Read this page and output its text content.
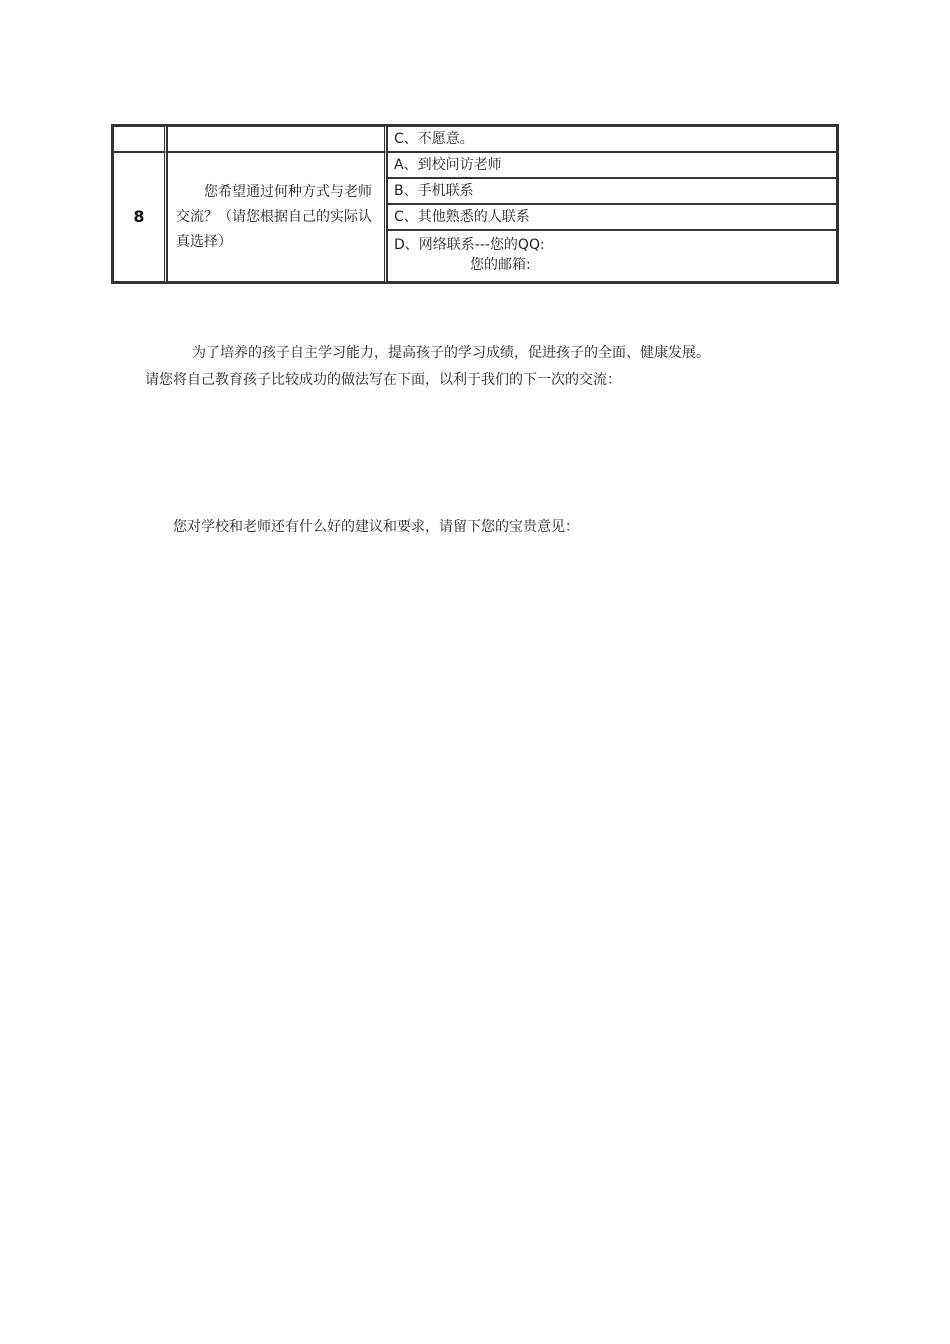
		C、不愿意。
8	您希望通过何种方式与老师交流？（请您根据自己的实际认真选择）	A、到校问访老师
		B、手机联系
		C、其他熟悉的人联系
		D、网络联系---您的QQ:
您的邮箱:
为了培养的孩子自主学习能力，提高孩子的学习成绩，促进孩子的全面、健康发展。
请您将自己教育孩子比较成功的做法写在下面，以利于我们的下一次的交流：
您对学校和老师还有什么好的建议和要求，请留下您的宝贵意见：
